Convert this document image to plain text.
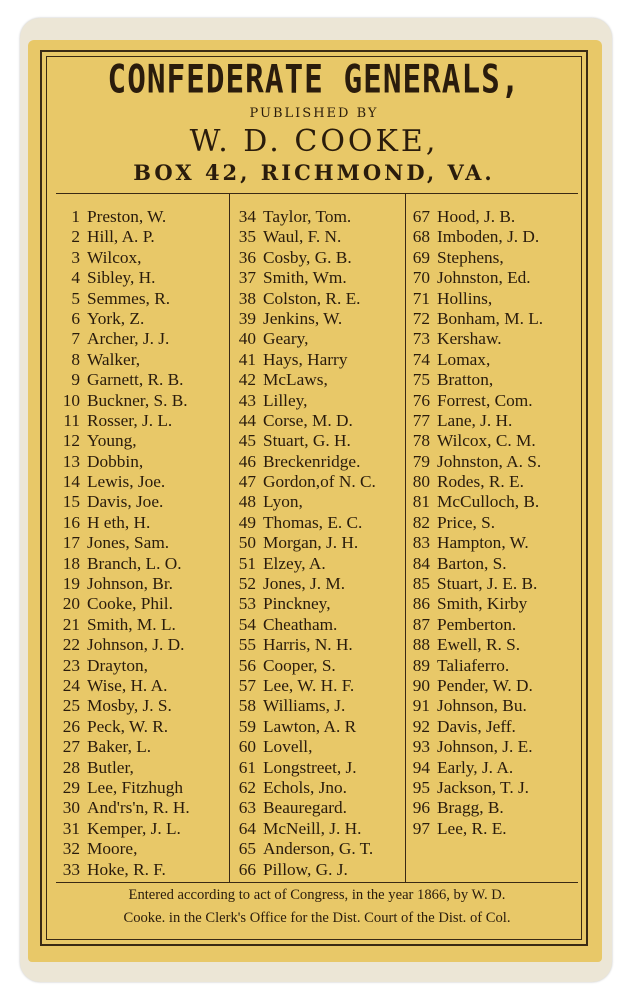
CONFEDERATE GENERALS,
PUBLISHED BY
W. D. COOKE,
BOX 42, RICHMOND, VA.
1 Preston, W.
2 Hill, A. P.
3 Wilcox,
4 Sibley, H.
5 Semmes, R.
6 York, Z.
7 Archer, J. J.
8 Walker,
9 Garnett, R. B.
10 Buckner, S. B.
11 Rosser, J. L.
12 Young,
13 Dobbin,
14 Lewis, Joe.
15 Davis, Joe.
16 H eth, H.
17 Jones, Sam.
18 Branch, L. O.
19 Johnson, Br.
20 Cooke, Phil.
21 Smith, M. L.
22 Johnson, J. D.
23 Drayton,
24 Wise, H. A.
25 Mosby, J. S.
26 Peck, W. R.
27 Baker, L.
28 Butler,
29 Lee, Fitzhugh
30 And'rs'n, R. H.
31 Kemper, J. L.
32 Moore,
33 Hoke, R. F.
34 Taylor, Tom.
35 Waul, F. N.
36 Cosby, G. B.
37 Smith, Wm.
38 Colston, R. E.
39 Jenkins, W.
40 Geary,
41 Hays, Harry
42 McLaws,
43 Lilley,
44 Corse, M. D.
45 Stuart, G. H.
46 Breckenridge.
47 Gordon,of N. C.
48 Lyon,
49 Thomas, E. C.
50 Morgan, J. H.
51 Elzey, A.
52 Jones, J. M.
53 Pinckney,
54 Cheatham.
55 Harris, N. H.
56 Cooper, S.
57 Lee, W. H. F.
58 Williams, J.
59 Lawton, A. R
60 Lovell,
61 Longstreet, J.
62 Echols, Jno.
63 Beauregard.
64 McNeill, J. H.
65 Anderson, G. T.
66 Pillow, G. J.
67 Hood, J. B.
68 Imboden, J. D.
69 Stephens,
70 Johnston, Ed.
71 Hollins,
72 Bonham, M. L.
73 Kershaw.
74 Lomax,
75 Bratton,
76 Forrest, Com.
77 Lane, J. H.
78 Wilcox, C. M.
79 Johnston, A. S.
80 Rodes, R. E.
81 McCulloch, B.
82 Price, S.
83 Hampton, W.
84 Barton, S.
85 Stuart, J. E. B.
86 Smith, Kirby
87 Pemberton.
88 Ewell, R. S.
89 Taliaferro.
90 Pender, W. D.
91 Johnson, Bu.
92 Davis, Jeff.
93 Johnson, J. E.
94 Early, J. A.
95 Jackson, T. J.
96 Bragg, B.
97 Lee, R. E.
Entered according to act of Congress, in the year 1866, by W. D.
Cooke. in the Clerk's Office for the Dist. Court of the Dist. of Col.
